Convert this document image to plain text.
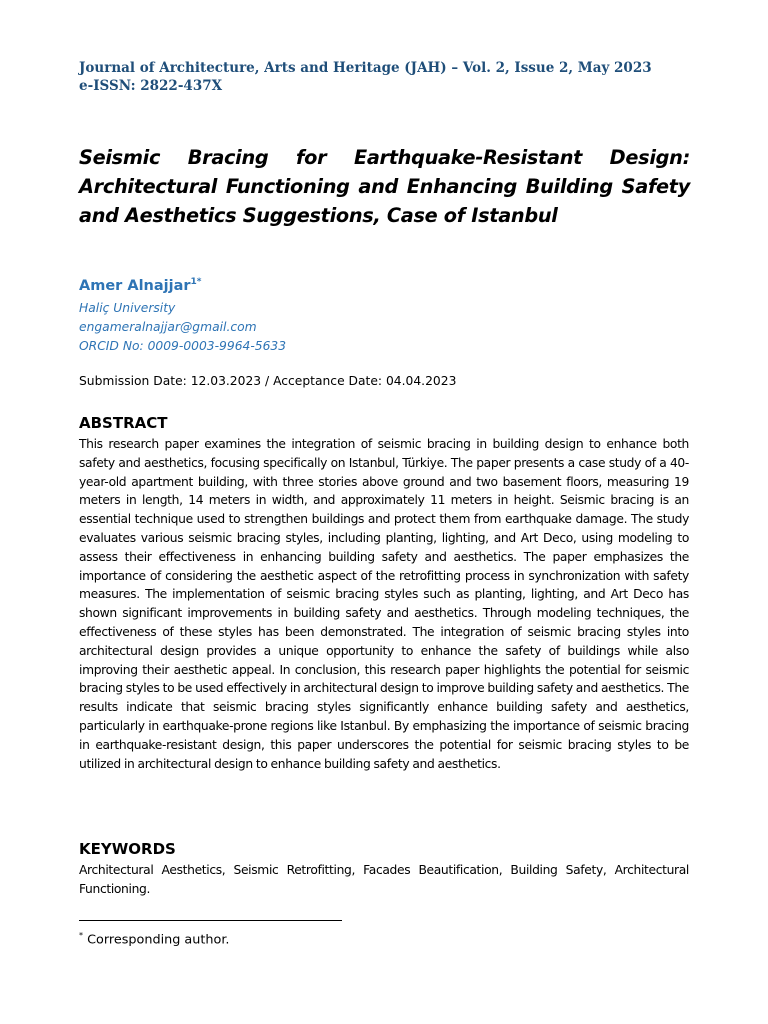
Journal of Architecture, Arts and Heritage (JAH) – Vol. 2, Issue 2, May 2023
e-ISSN: 2822-437X
Seismic Bracing for Earthquake-Resistant Design: Architectural Functioning and Enhancing Building Safety and Aesthetics Suggestions, Case of Istanbul
Amer Alnajjar$^{1*}$
Haliç University
engameralnajjar@gmail.com
ORCID No: 0009-0003-9964-5633
Submission Date: 12.03.2023 / Acceptance Date: 04.04.2023
ABSTRACT

This research paper examines the integration of seismic bracing in building design to enhance both safety and aesthetics, focusing specifically on Istanbul, Türkiye. The paper presents a case study of a 40-year-old apartment building, with three stories above ground and two basement floors, measuring 19 meters in length, 14 meters in width, and approximately 11 meters in height. Seismic bracing is an essential technique used to strengthen buildings and protect them from earthquake damage. The study evaluates various seismic bracing styles, including planting, lighting, and Art Deco, using modeling to assess their effectiveness in enhancing building safety and aesthetics. The paper emphasizes the importance of considering the aesthetic aspect of the retrofitting process in synchronization with safety measures. The implementation of seismic bracing styles such as planting, lighting, and Art Deco has shown significant improvements in building safety and aesthetics. Through modeling techniques, the effectiveness of these styles has been demonstrated. The integration of seismic bracing styles into architectural design provides a unique opportunity to enhance the safety of buildings while also improving their aesthetic appeal. In conclusion, this research paper highlights the potential for seismic bracing styles to be used effectively in architectural design to improve building safety and aesthetics. The results indicate that seismic bracing styles significantly enhance building safety and aesthetics, particularly in earthquake-prone regions like Istanbul. By emphasizing the importance of seismic bracing in earthquake-resistant design, this paper underscores the potential for seismic bracing styles to be utilized in architectural design to enhance building safety and aesthetics.

KEYWORDS

Architectural Aesthetics, Seismic Retrofitting, Facades Beautification, Building Safety, Architectural Functioning.

* Corresponding author.
